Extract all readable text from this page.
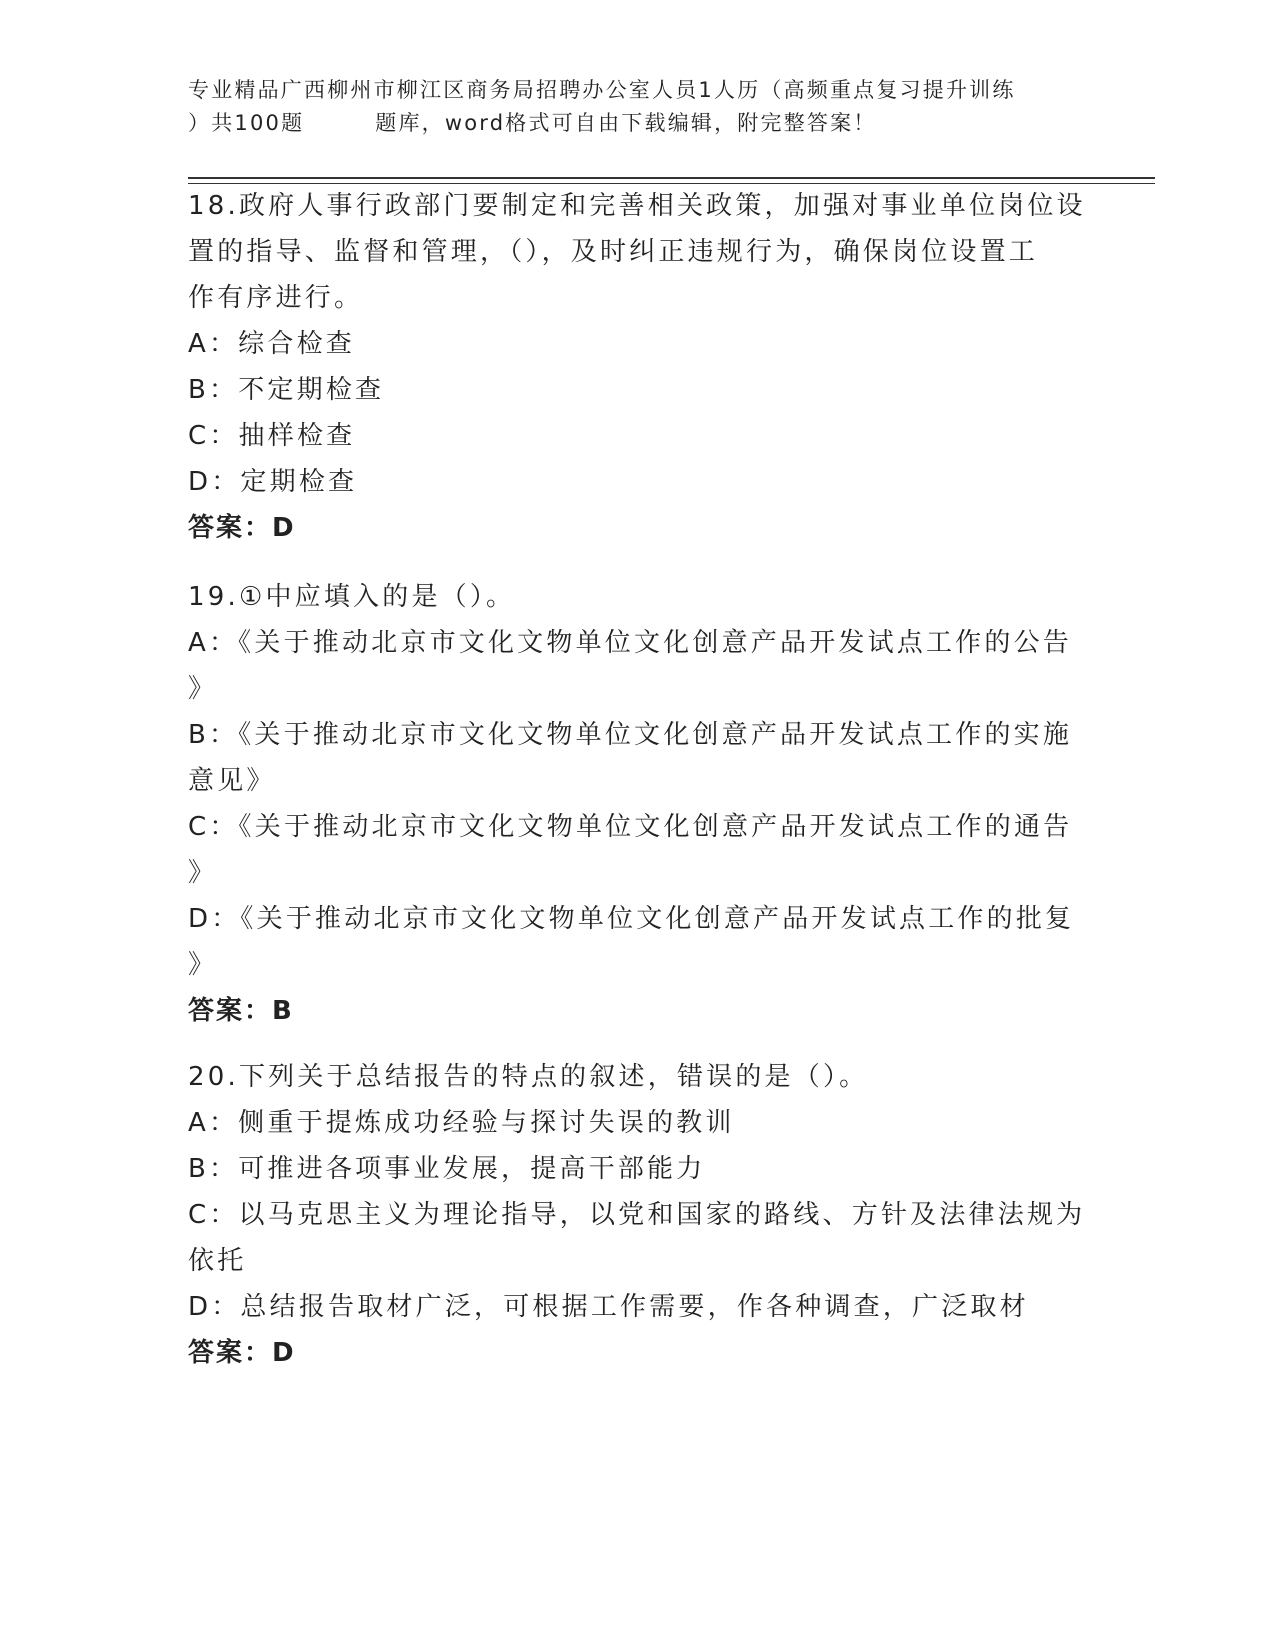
专业精品广西柳州市柳江区商务局招聘办公室人员1人历（高频重点复习提升训练
）共100题        题库，word格式可自由下载编辑，附完整答案！
18.政府人事行政部门要制定和完善相关政策，加强对事业单位岗位设
置的指导、监督和管理，（），及时纠正违规行为，确保岗位设置工
作有序进行。
A：综合检查
B：不定期检查
C：抽样检查
D：定期检查
答案：D
19.①中应填入的是（）。
A：《关于推动北京市文化文物单位文化创意产品开发试点工作的公告
》
B：《关于推动北京市文化文物单位文化创意产品开发试点工作的实施
意见》
C：《关于推动北京市文化文物单位文化创意产品开发试点工作的通告
》
D：《关于推动北京市文化文物单位文化创意产品开发试点工作的批复
》
答案：B
20.下列关于总结报告的特点的叙述，错误的是（）。
A：侧重于提炼成功经验与探讨失误的教训
B：可推进各项事业发展，提高干部能力
C：以马克思主义为理论指导，以党和国家的路线、方针及法律法规为
依托
D：总结报告取材广泛，可根据工作需要，作各种调查，广泛取材
答案：D
